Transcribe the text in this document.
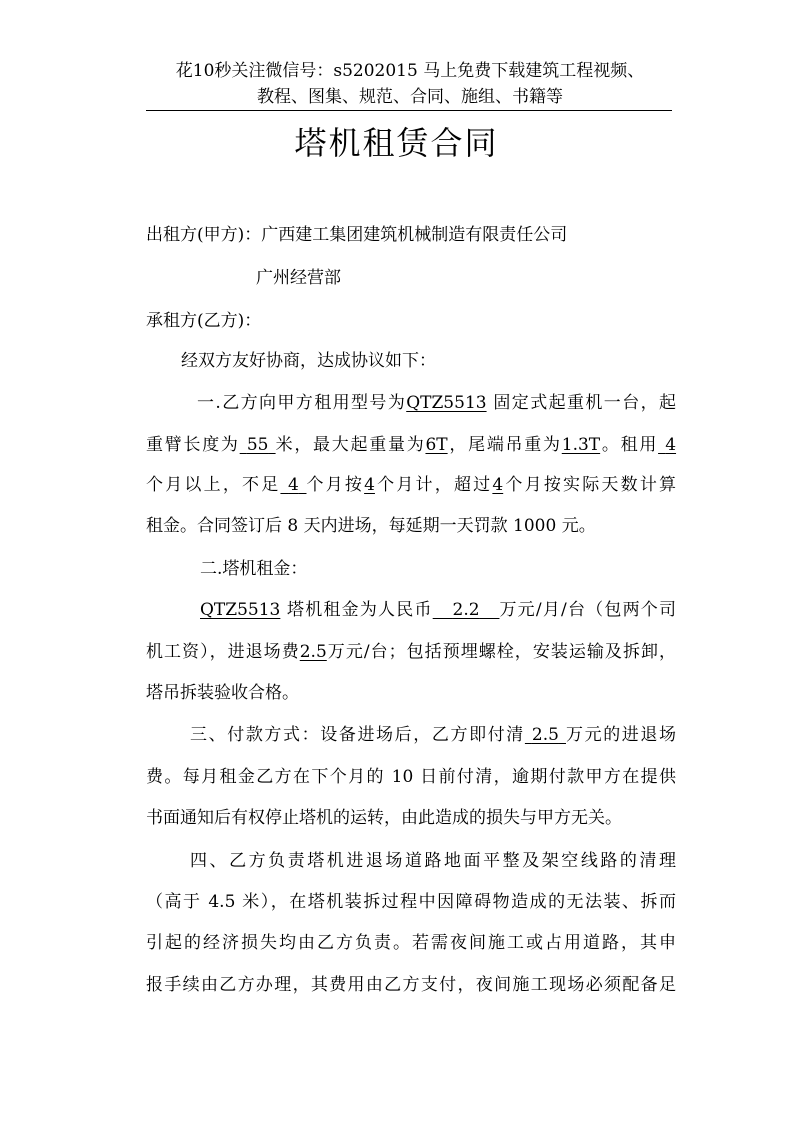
花10秒关注微信号：s5202015 马上免费下载建筑工程视频、
教程、图集、规范、合同、施组、书籍等
塔机租赁合同
出租方(甲方)：广西建工集团建筑机械制造有限责任公司
广州经营部
承租方(乙方)：
经双方友好协商，达成协议如下：
一.乙方向甲方租用型号为QTZ5513 固定式起重机一台，起
重臂长度为 55 米，最大起重量为6T，尾端吊重为1.3T。租用 4
个月以上，不足 4 个月按4个月计，超过4个月按实际天数计算
租金。合同签订后 8 天内进场，每延期一天罚款 1000 元。
二.塔机租金：
QTZ5513 塔机租金为人民币 2.2 万元/月/台（包两个司
机工资），进退场费2.5万元/台；包括预埋螺栓，安装运输及拆卸，
塔吊拆装验收合格。
三、付款方式：设备进场后，乙方即付清 2.5 万元的进退场
费。每月租金乙方在下个月的 10 日前付清，逾期付款甲方在提供
书面通知后有权停止塔机的运转，由此造成的损失与甲方无关。
四、乙方负责塔机进退场道路地面平整及架空线路的清理
（高于 4.5 米），在塔机装拆过程中因障碍物造成的无法装、拆而
引起的经济损失均由乙方负责。若需夜间施工或占用道路，其申
报手续由乙方办理，其费用由乙方支付，夜间施工现场必须配备足
